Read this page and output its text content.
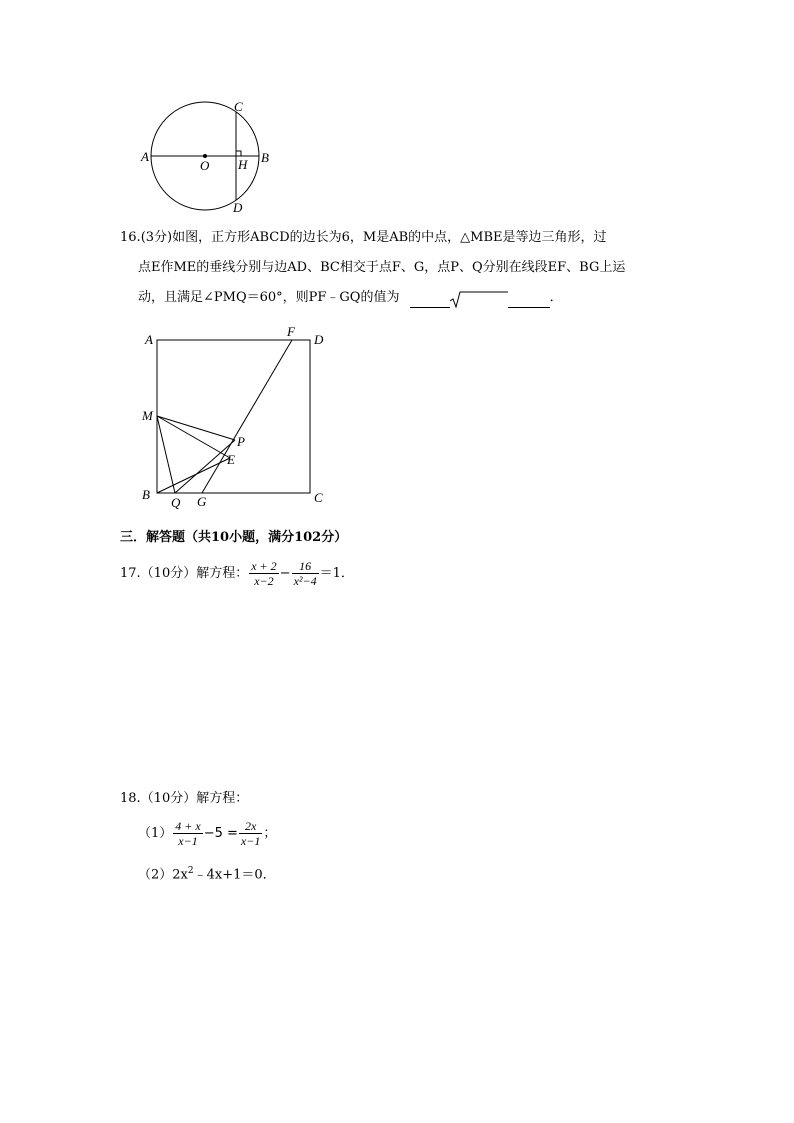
A	B
C
D
O H
16.(3分)如图，正方形ABCD的边长为6，M是AB的中点，△MBE是等边三角形，过
点E作ME的垂线分别与边AD、BC相交于点F、G，点P、Q分别在线段EF、BG上运
动，且满足∠PMQ＝60°，则PF﹣GQ的值为	．
A	D
F
M
P
E
B
Q G	C
三．解答题（共10小题，满分102分）
17.（10分）解方程： $\frac{x + 2}{x-2} - \frac{16}{\text{x²−4}} =1$．
18.（10分）解方程：
$(1) \frac{4 + x}{x-1} -5 = \frac{2x}{x-1}$ ；
$(2)2x^2﹣4x+1=0$．
